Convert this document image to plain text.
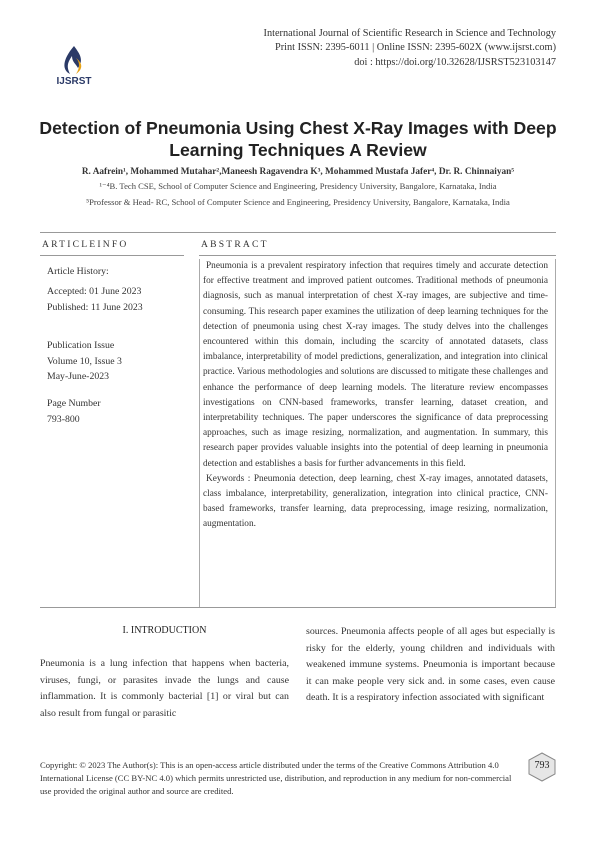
IJSRST
International Journal of Scientific Research in Science and Technology
Print ISSN: 2395-6011 | Online ISSN: 2395-602X (www.ijsrst.com)
doi : https://doi.org/10.32628/IJSRST523103147
Detection of Pneumonia Using Chest X-Ray Images with Deep
Learning Techniques A Review
R. Aafrein¹, Mohammed Mutahar²,Maneesh Ragavendra K³, Mohammed Mustafa Jafer⁴, Dr. R. Chinnaiyan⁵
¹⁻⁴B. Tech CSE, School of Computer Science and Engineering, Presidency University, Bangalore, Karnataka, India
⁵Professor & Head- RC, School of Computer Science and Engineering, Presidency University, Bangalore, Karnataka, India
ARTICLEINFO	ABSTRACT
Article History:
Accepted: 01 June 2023
Published: 11 June 2023
Publication Issue
Volume 10, Issue 3
May-June-2023
Page Number
793-800

Pneumonia is a prevalent respiratory infection that requires timely and accurate detection for effective treatment and improved patient outcomes. Traditional methods of pneumonia diagnosis, such as manual interpretation of chest X-ray images, are subjective and time-consuming. This research paper examines the utilization of deep learning techniques for the detection of pneumonia using chest X-ray images. The study delves into the challenges encountered within this domain, including the scarcity of annotated datasets, class imbalance, interpretability of model predictions, generalization, and integration into clinical practice. Various methodologies and solutions are discussed to mitigate these challenges and enhance the performance of deep learning models. The literature review encompasses investigations on CNN-based frameworks, transfer learning, dataset creation, and interpretability techniques. The paper underscores the significance of data preprocessing approaches, such as image resizing, normalization, and augmentation. In summary, this research paper provides valuable insights into the potential of deep learning in pneumonia detection and establishes a basis for further advancements in this field.

Keywords : Pneumonia detection, deep learning, chest X-ray images, annotated datasets, class imbalance, interpretability, generalization, integration into clinical practice, CNN-based frameworks, transfer learning, data preprocessing, image resizing, normalization, augmentation.

I. INTRODUCTION
Pneumonia is a lung infection that happens when bacteria, viruses, fungi, or parasites invade the lungs and cause inflammation. It is commonly bacterial [1] or viral but can also result from fungal or parasitic
sources. Pneumonia affects people of all ages but especially is risky for the elderly, young children and individuals with weakened immune systems. Pneumonia is important because it can make people very sick and. in some cases, even cause death. It is a respiratory infection associated with significant
Copyright: © 2023 The Author(s): This is an open-access article distributed under the terms of the Creative Commons Attribution 4.0 International License (CC BY-NC 4.0) which permits unrestricted use, distribution, and reproduction in any medium for non-commercial use provided the original author and source are credited.
793
